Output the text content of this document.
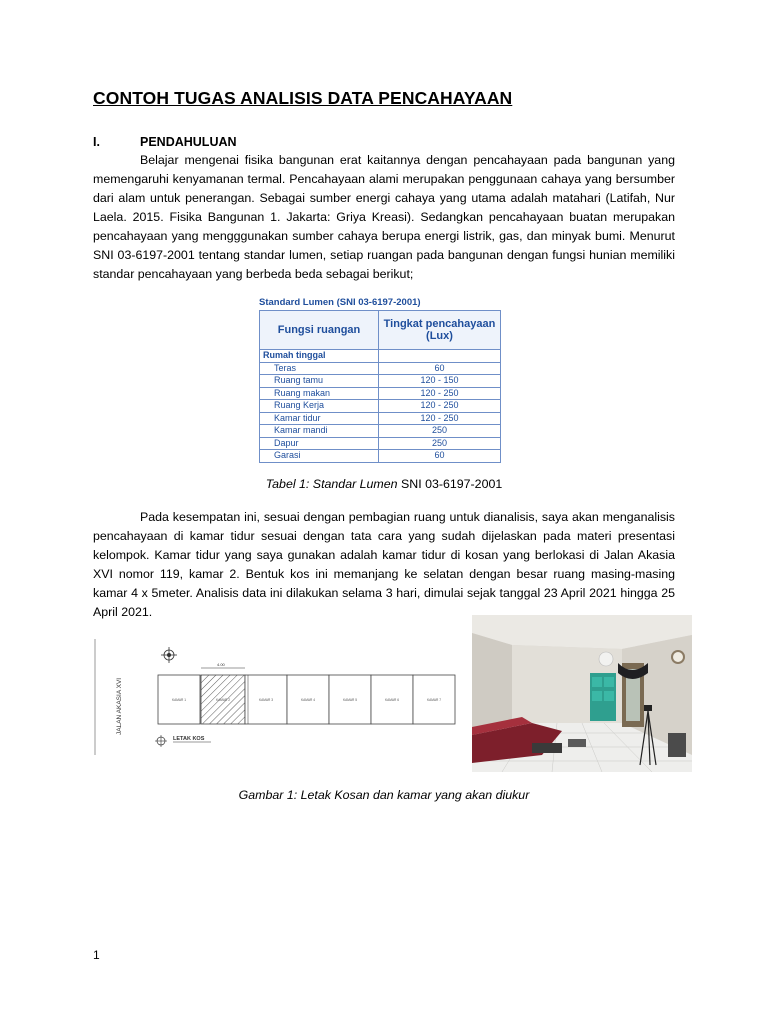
CONTOH TUGAS ANALISIS DATA PENCAHAYAAN
I.	PENDAHULUAN
Belajar mengenai fisika bangunan erat kaitannya dengan pencahayaan pada bangunan yang memengaruhi kenyamanan termal. Pencahayaan alami merupakan penggunaan cahaya yang bersumber dari alam untuk penerangan. Sebagai sumber energi cahaya yang utama adalah matahari (Latifah, Nur Laela. 2015. Fisika Bangunan 1. Jakarta: Griya Kreasi). Sedangkan pencahayaan buatan merupakan pencahayaan yang mengggunakan sumber cahaya berupa energi listrik, gas, dan minyak bumi. Menurut SNI 03-6197-2001 tentang standar lumen, setiap ruangan pada bangunan dengan fungsi hunian memiliki standar pencahayaan yang berbeda beda sebagai berikut;
Standard Lumen (SNI 03-6197-2001)
Fungsi ruangan	Tingkat pencahayaan (Lux)
Rumah tinggal	
Teras	60
Ruang tamu	120 - 150
Ruang makan	120 - 250
Ruang Kerja	120 - 250
Kamar tidur	120 - 250
Kamar mandi	250
Dapur	250
Garasi	60
Tabel 1: Standar Lumen SNI 03-6197-2001
Pada kesempatan ini, sesuai dengan pembagian ruang untuk dianalisis, saya akan menganalisis pencahayaan di kamar tidur sesuai dengan tata cara yang sudah dijelaskan pada materi presentasi kelompok. Kamar tidur yang saya gunakan adalah kamar tidur di kosan yang berlokasi di Jalan Akasia XVI nomor 119, kamar 2. Bentuk kos ini memanjang ke selatan dengan besar ruang masing-masing kamar 4 x 5meter. Analisis data ini dilakukan selama 3 hari, dimulai sejak tanggal 23 April 2021 hingga 25 April 2021.
JALAN AKASIA XVI
4.00
KAMAR 1	KAMAR 2	KAMAR 3	KAMAR 4	KAMAR 5	KAMAR 6	KAMAR 7
LETAK KOS
Gambar 1: Letak Kosan dan kamar yang akan diukur
1
